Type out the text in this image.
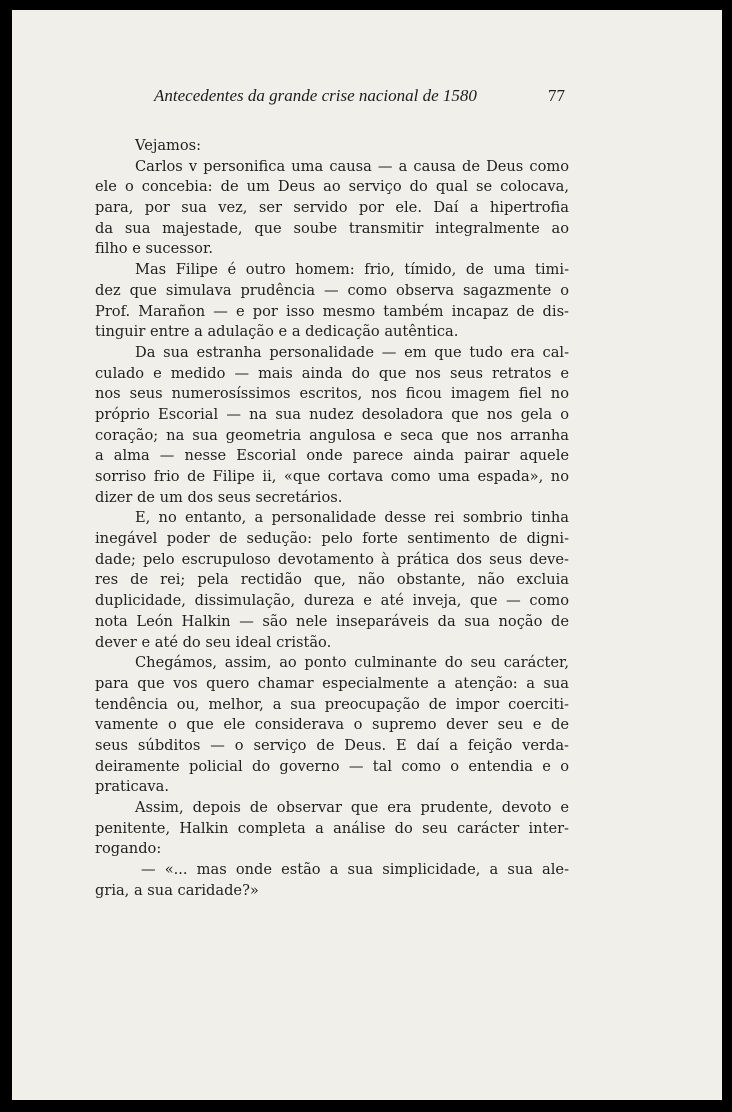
Antecedentes da grande crise nacional de 1580	77
Vejamos:
Carlos v personifica uma causa — a causa de Deus como
ele o concebia: de um Deus ao serviço do qual se colocava,
para, por sua vez, ser servido por ele. Daí a hipertrofia
da sua majestade, que soube transmitir integralmente ao
filho e sucessor.
Mas Filipe é outro homem: frio, tímido, de uma timi-
dez que simulava prudência — como observa sagazmente o
Prof. Marañon — e por isso mesmo também incapaz de dis-
tinguir entre a adulação e a dedicação autêntica.
Da sua estranha personalidade — em que tudo era cal-
culado e medido — mais ainda do que nos seus retratos e
nos seus numerosíssimos escritos, nos ficou imagem fiel no
próprio Escorial — na sua nudez desoladora que nos gela o
coração; na sua geometria angulosa e seca que nos arranha
a alma — nesse Escorial onde parece ainda pairar aquele
sorriso frio de Filipe ii, «que cortava como uma espada», no
dizer de um dos seus secretários.
E, no entanto, a personalidade desse rei sombrio tinha
inegável poder de sedução: pelo forte sentimento de digni-
dade; pelo escrupuloso devotamento à prática dos seus deve-
res de rei; pela rectidão que, não obstante, não excluia
duplicidade, dissimulação, dureza e até inveja, que — como
nota León Halkin — são nele inseparáveis da sua noção de
dever e até do seu ideal cristão.
Chegámos, assim, ao ponto culminante do seu carácter,
para que vos quero chamar especialmente a atenção: a sua
tendência ou, melhor, a sua preocupação de impor coerciti-
vamente o que ele considerava o supremo dever seu e de
seus súbditos — o serviço de Deus. E daí a feição verda-
deiramente policial do governo — tal como o entendia e o
praticava.
Assim, depois de observar que era prudente, devoto e
penitente, Halkin completa a análise do seu carácter inter-
rogando:
— «... mas onde estão a sua simplicidade, a sua ale-
gria, a sua caridade?»
